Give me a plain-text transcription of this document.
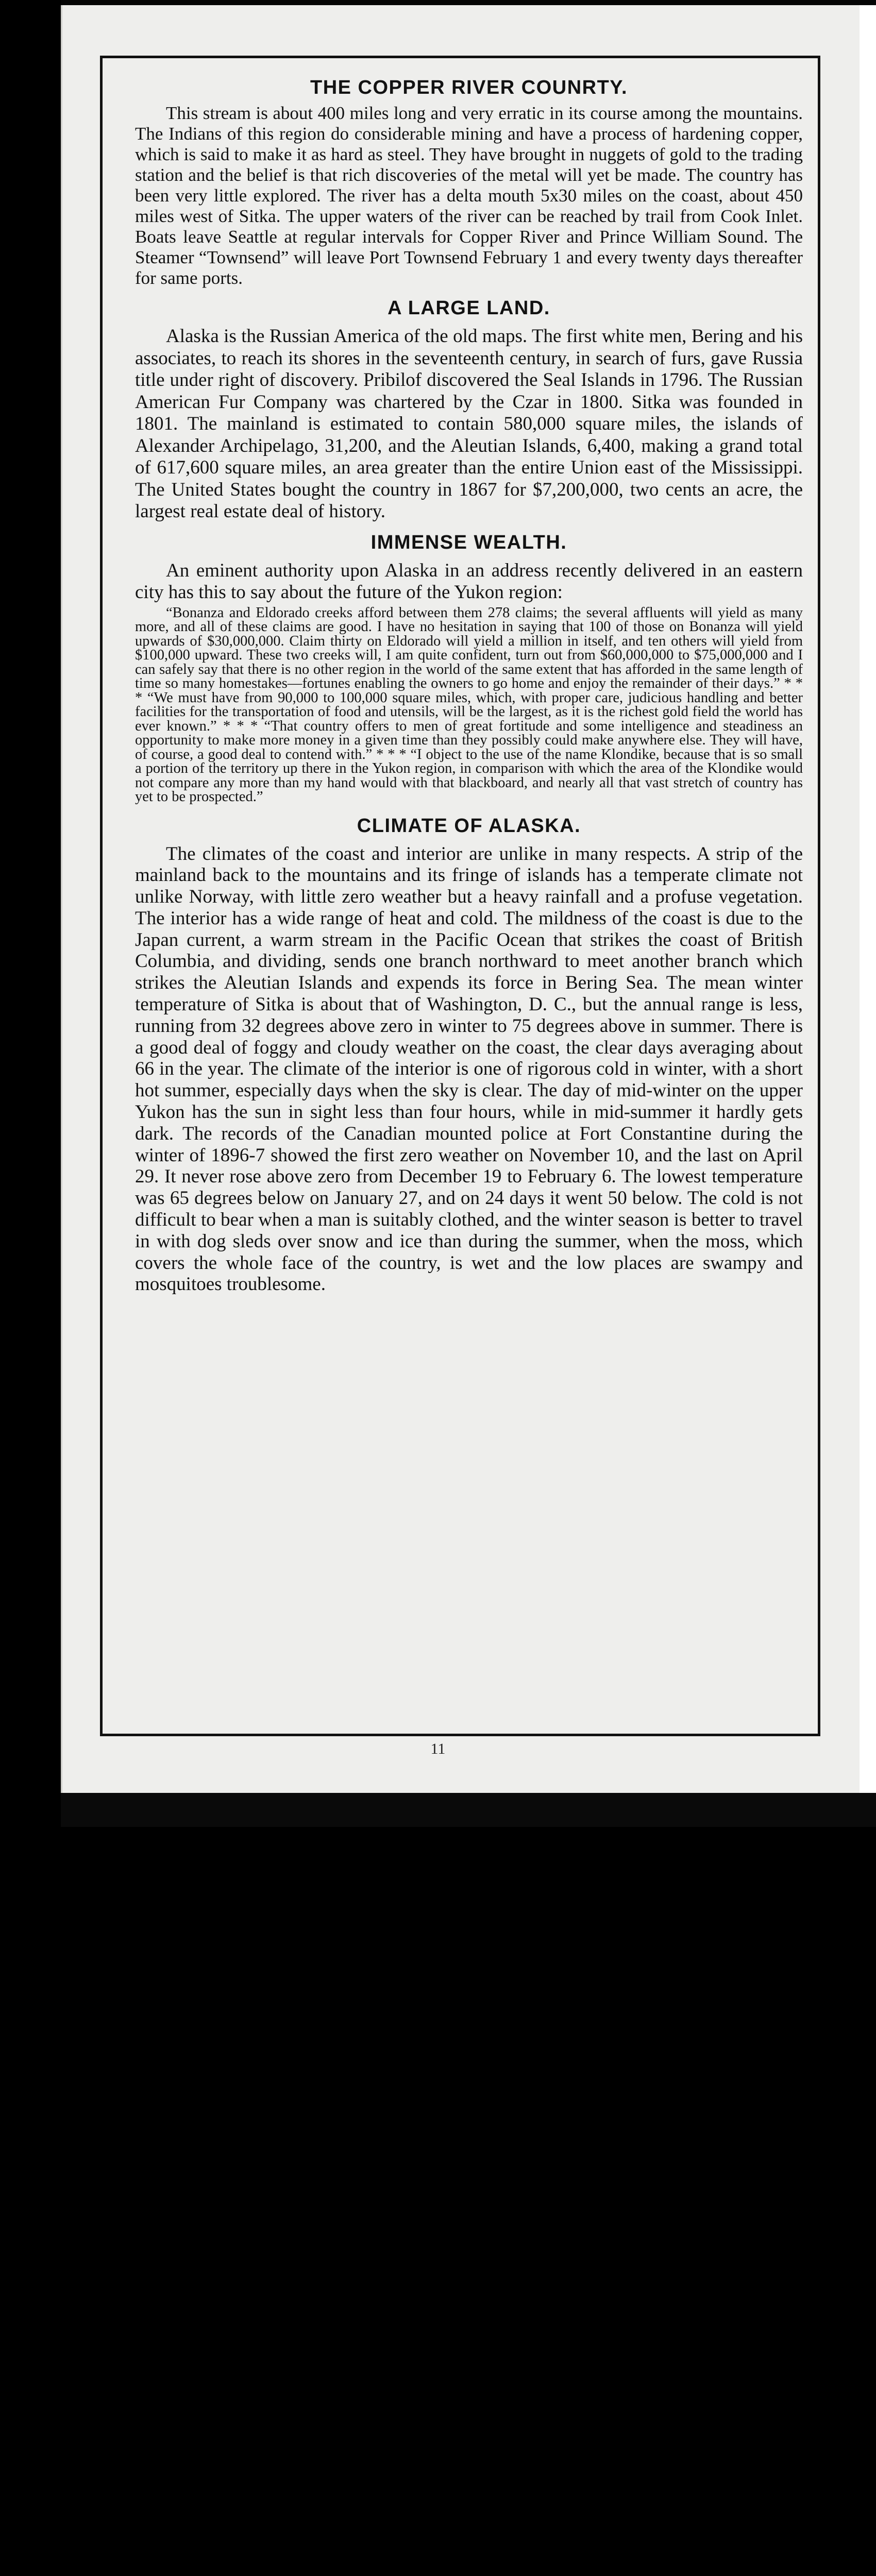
THE COPPER RIVER COUNRTY.

This stream is about 400 miles long and very erratic in its course among the mountains. The Indians of this region do considerable mining and have a process of hardening copper, which is said to make it as hard as steel. They have brought in nuggets of gold to the trading station and the belief is that rich discoveries of the metal will yet be made. The country has been very little explored. The river has a delta mouth 5x30 miles on the coast, about 450 miles west of Sitka. The upper waters of the river can be reached by trail from Cook Inlet. Boats leave Seattle at regular intervals for Copper River and Prince William Sound. The Steamer “Townsend” will leave Port Townsend February 1 and every twenty days thereafter for same ports.

A LARGE LAND.

Alaska is the Russian America of the old maps. The first white men, Bering and his associates, to reach its shores in the seventeenth century, in search of furs, gave Russia title under right of discovery. Pribilof discovered the Seal Islands in 1796. The Russian American Fur Company was chartered by the Czar in 1800. Sitka was founded in 1801. The mainland is estimated to contain 580,000 square miles, the islands of Alexander Archipelago, 31,200, and the Aleutian Islands, 6,400, making a grand total of 617,600 square miles, an area greater than the entire Union east of the Mississippi. The United States bought the country in 1867 for $7,200,000, two cents an acre, the largest real estate deal of history.

IMMENSE WEALTH.

An eminent authority upon Alaska in an address recently delivered in an eastern city has this to say about the future of the Yukon region:

“Bonanza and Eldorado creeks afford between them 278 claims; the several affluents will yield as many more, and all of these claims are good. I have no hesitation in saying that 100 of those on Bonanza will yield upwards of $30,000,000. Claim thirty on Eldorado will yield a million in itself, and ten others will yield from $100,000 upward. These two creeks will, I am quite confident, turn out from $60,000,000 to $75,000,000 and I can safely say that there is no other region in the world of the same extent that has afforded in the same length of time so many homestakes—fortunes enabling the owners to go home and enjoy the remainder of their days.” * * * “We must have from 90,000 to 100,000 square miles, which, with proper care, judicious handling and better facilities for the transportation of food and utensils, will be the largest, as it is the richest gold field the world has ever known.” * * * “That country offers to men of great fortitude and some intelligence and steadiness an opportunity to make more money in a given time than they possibly could make anywhere else. They will have, of course, a good deal to contend with.” * * * “I object to the use of the name Klondike, because that is so small a portion of the territory up there in the Yukon region, in comparison with which the area of the Klondike would not compare any more than my hand would with that blackboard, and nearly all that vast stretch of country has yet to be prospected.”

CLIMATE OF ALASKA.

The climates of the coast and interior are unlike in many respects. A strip of the mainland back to the mountains and its fringe of islands has a temperate climate not unlike Norway, with little zero weather but a heavy rainfall and a profuse vegetation. The interior has a wide range of heat and cold. The mildness of the coast is due to the Japan current, a warm stream in the Pacific Ocean that strikes the coast of British Columbia, and dividing, sends one branch northward to meet another branch which strikes the Aleutian Islands and expends its force in Bering Sea. The mean winter temperature of Sitka is about that of Washington, D. C., but the annual range is less, running from 32 degrees above zero in winter to 75 degrees above in summer. There is a good deal of foggy and cloudy weather on the coast, the clear days averaging about 66 in the year. The climate of the interior is one of rigorous cold in winter, with a short hot summer, especially days when the sky is clear. The day of mid-winter on the upper Yukon has the sun in sight less than four hours, while in mid-summer it hardly gets dark. The records of the Canadian mounted police at Fort Constantine during the winter of 1896-7 showed the first zero weather on November 10, and the last on April 29. It never rose above zero from December 19 to February 6. The lowest temperature was 65 degrees below on January 27, and on 24 days it went 50 below. The cold is not difficult to bear when a man is suitably clothed, and the winter season is better to travel in with dog sleds over snow and ice than during the summer, when the moss, which covers the whole face of the country, is wet and the low places are swampy and mosquitoes troublesome.

11
